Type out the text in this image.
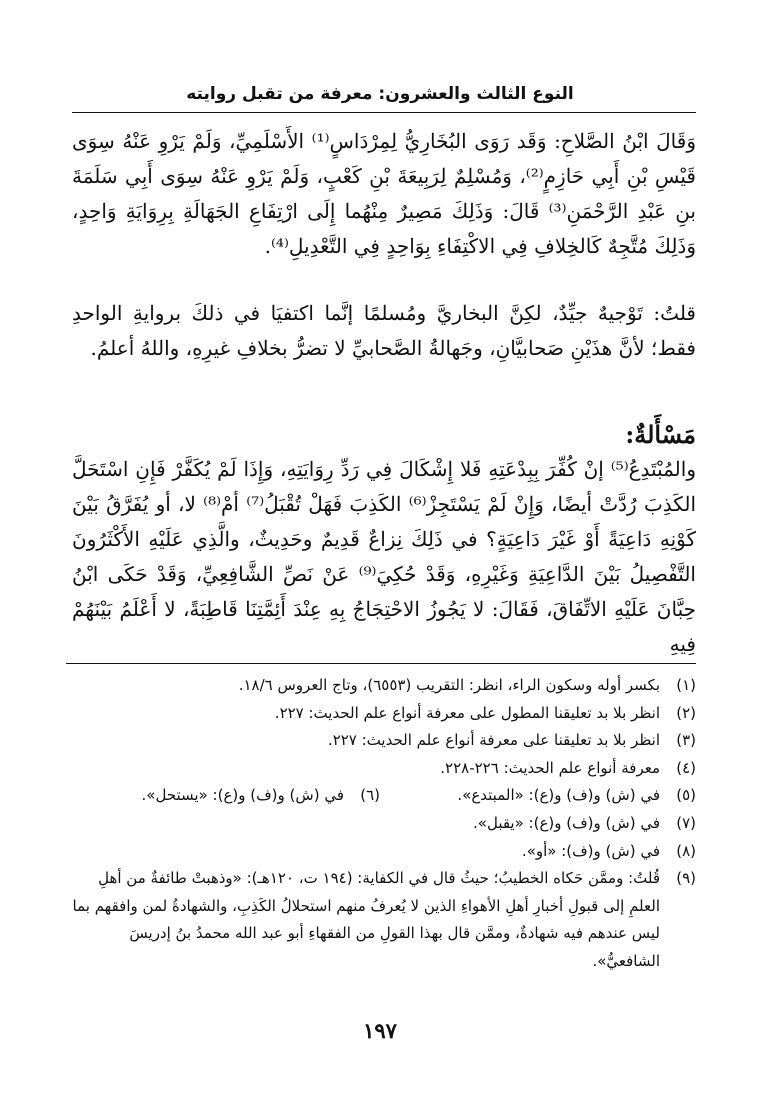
النوع الثالث والعشرون: معرفة من تقبل روايته
وَقَالَ ابْنُ الصَّلاحِ: وَقَد رَوَى البُخَارِيُّ لِمِرْدَاسٍ⁽¹⁾ الأَسْلَمِيِّ، وَلَمْ يَرْوِ عَنْهُ سِوَى قَيْسِ بْنِ أَبِي حَازِمٍ⁽²⁾، وَمُسْلِمٌ لِرَبِيعَةَ بْنِ كَعْبٍ، وَلَمْ يَرْوِ عَنْهُ سِوَى أَبِي سَلَمَةَ بنِ عَبْدِ الرَّحْمَنِ⁽³⁾ قَالَ: وَذَلِكَ مَصِيرٌ مِنْهُما إِلَى ارْتِفَاعِ الجَهَالَةِ بِرِوَايَةِ وَاحِدٍ، وَذَلِكَ مُتَّجِهٌ كَالخِلافِ فِي الاكْتِفَاءِ بِوَاحِدٍ فِي التَّعْدِيلِ⁽⁴⁾.
قلتُ: تَوْجيهٌ جيِّدٌ، لكِنَّ البخاريَّ ومُسلمًا إنَّما اكتفيَا في ذلكَ بروايةِ الواحدِ فقط؛ لأنَّ هذَيْنِ صَحابيَّانِ، وجَهالةُ الصَّحابيِّ لا تضرُّ بخلافِ غيرِهِ، واللهُ أعلمُ.
مَسْأَلةٌ:
والمُبْتَدِعُ⁽⁵⁾ إنْ كُفِّرَ بِبِدْعَتِهِ فَلا إِشْكَالَ فِي رَدِّ رِوَايَتِهِ، وَإِذَا لَمْ يُكَفَّرْ فَإِنِ اسْتَحَلَّ الكَذِبَ رُدَّتْ أيضًا، وَإِنْ لَمْ يَسْتَجِزْ⁽⁶⁾ الكَذِبَ فَهَلْ تُقْبَلُ⁽⁷⁾ أمْ⁽⁸⁾ لا، أو يُفَرَّقُ بَيْنَ كَوْنِهِ دَاعِيَةً أَوْ غَيْرَ دَاعِيَةٍ؟ في ذَلِكَ نِزاعٌ قَدِيمٌ وحَدِيثٌ، والَّذِي عَلَيْهِ الأَكْثَرُونَ التَّفْصِيلُ بَيْنَ الدَّاعِيَةِ وَغَيْرِهِ، وَقَدْ حُكِيَ⁽⁹⁾ عَنْ نَصِّ الشَّافِعِيِّ، وَقَدْ حَكَى ابْنُ حِبَّانَ عَلَيْهِ الاتِّفَاقَ، فَقَالَ: لا يَجُوزُ الاحْتِجَاجُ بِهِ عِنْدَ أَئِمَّتِنَا قَاطِبَةً، لا أَعْلَمُ بَيْنَهُمْ فِيهِ
(١)
بكسر أوله وسكون الراء، انظر: التقريب (٦٥٥٣)، وتاج العروس ١٨/٦.
(٢)
انظر بلا بد تعليقنا المطول على معرفة أنواع علم الحديث: ٢٢٧.
(٣)
انظر بلا بد تعليقنا على معرفة أنواع علم الحديث: ٢٢٧.
(٤)
معرفة أنواع علم الحديث: ٢٢٦-٢٢٨.
(٥)
في (ش) و(ف) و(ع): «المبتدع».
(٦)
في (ش) و(ف) و(ع): «يستحل».
(٧)
في (ش) و(ف) و(ع): «يقبل».
(٨)
في (ش) و(ف): «أو».
(٩)
قُلتُ: وممَّن حَكاه الخطيبُ؛ حيثُ قال في الكفاية: (١٩٤ ت، ١٢٠هـ): «وذهبتْ طائفةٌ من أهلِ العلمِ إلى قبولِ أخبارِ أهلِ الأهواءِ الذين لا يُعرفُ منهم استحلالُ الكَذِبِ، والشهادةُ لمن وافقهم بما ليس عندهم فيه شهادةٌ، وممَّن قال بهذا القولِ من الفقهاءِ أبو عبد الله محمدُ بنُ إدريسَ الشافعيُّ».
١٩٧
